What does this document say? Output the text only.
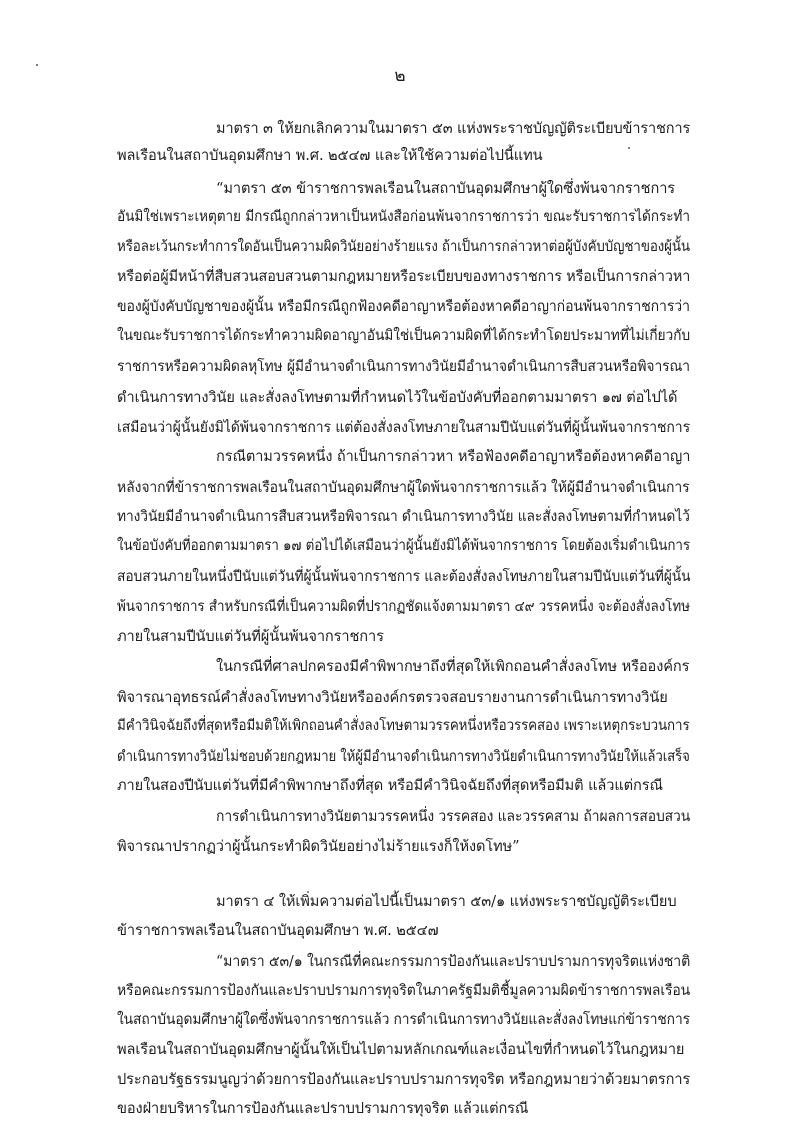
๒
มาตรา ๓ ให้ยกเลิกความในมาตรา ๕๓ แห่งพระราชบัญญัติระเบียบข้าราชการ
พลเรือนในสถาบันอุดมศึกษา พ.ศ. ๒๕๔๗ และให้ใช้ความต่อไปนี้แทน
“มาตรา ๕๓ ข้าราชการพลเรือนในสถาบันอุดมศึกษาผู้ใดซึ่งพ้นจากราชการ
อันมิใช่เพราะเหตุตาย มีกรณีถูกกล่าวหาเป็นหนังสือก่อนพ้นจากราชการว่า ขณะรับราชการได้กระทำ
หรือละเว้นกระทำการใดอันเป็นความผิดวินัยอย่างร้ายแรง ถ้าเป็นการกล่าวหาต่อผู้บังคับบัญชาของผู้นั้น
หรือต่อผู้มีหน้าที่สืบสวนสอบสวนตามกฎหมายหรือระเบียบของทางราชการ หรือเป็นการกล่าวหา
ของผู้บังคับบัญชาของผู้นั้น หรือมีกรณีถูกฟ้องคดีอาญาหรือต้องหาคดีอาญาก่อนพ้นจากราชการว่า
ในขณะรับราชการได้กระทำความผิดอาญาอันมิใช่เป็นความผิดที่ได้กระทำโดยประมาทที่ไม่เกี่ยวกับ
ราชการหรือความผิดลหุโทษ ผู้มีอำนาจดำเนินการทางวินัยมีอำนาจดำเนินการสืบสวนหรือพิจารณา
ดำเนินการทางวินัย และสั่งลงโทษตามที่กำหนดไว้ในข้อบังคับที่ออกตามมาตรา ๑๗ ต่อไปได้
เสมือนว่าผู้นั้นยังมิได้พ้นจากราชการ แต่ต้องสั่งลงโทษภายในสามปีนับแต่วันที่ผู้นั้นพ้นจากราชการ
กรณีตามวรรคหนึ่ง ถ้าเป็นการกล่าวหา หรือฟ้องคดีอาญาหรือต้องหาคดีอาญา
หลังจากที่ข้าราชการพลเรือนในสถาบันอุดมศึกษาผู้ใดพ้นจากราชการแล้ว ให้ผู้มีอำนาจดำเนินการ
ทางวินัยมีอำนาจดำเนินการสืบสวนหรือพิจารณา ดำเนินการทางวินัย และสั่งลงโทษตามที่กำหนดไว้
ในข้อบังคับที่ออกตามมาตรา ๑๗ ต่อไปได้เสมือนว่าผู้นั้นยังมิได้พ้นจากราชการ โดยต้องเริ่มดำเนินการ
สอบสวนภายในหนึ่งปีนับแต่วันที่ผู้นั้นพ้นจากราชการ และต้องสั่งลงโทษภายในสามปีนับแต่วันที่ผู้นั้น
พ้นจากราชการ สำหรับกรณีที่เป็นความผิดที่ปรากฏชัดแจ้งตามมาตรา ๔๙ วรรคหนึ่ง จะต้องสั่งลงโทษ
ภายในสามปีนับแต่วันที่ผู้นั้นพ้นจากราชการ
ในกรณีที่ศาลปกครองมีคำพิพากษาถึงที่สุดให้เพิกถอนคำสั่งลงโทษ หรือองค์กร
พิจารณาอุทธรณ์คำสั่งลงโทษทางวินัยหรือองค์กรตรวจสอบรายงานการดำเนินการทางวินัย
มีคำวินิจฉัยถึงที่สุดหรือมีมติให้เพิกถอนคำสั่งลงโทษตามวรรคหนึ่งหรือวรรคสอง เพราะเหตุกระบวนการ
ดำเนินการทางวินัยไม่ชอบด้วยกฎหมาย ให้ผู้มีอำนาจดำเนินการทางวินัยดำเนินการทางวินัยให้แล้วเสร็จ
ภายในสองปีนับแต่วันที่มีคำพิพากษาถึงที่สุด หรือมีคำวินิจฉัยถึงที่สุดหรือมีมติ แล้วแต่กรณี
การดำเนินการทางวินัยตามวรรคหนึ่ง วรรคสอง และวรรคสาม ถ้าผลการสอบสวน
พิจารณาปรากฏว่าผู้นั้นกระทำผิดวินัยอย่างไม่ร้ายแรงก็ให้งดโทษ”
มาตรา ๔ ให้เพิ่มความต่อไปนี้เป็นมาตรา ๕๓/๑ แห่งพระราชบัญญัติระเบียบ
ข้าราชการพลเรือนในสถาบันอุดมศึกษา พ.ศ. ๒๕๔๗
“มาตรา ๕๓/๑ ในกรณีที่คณะกรรมการป้องกันและปราบปรามการทุจริตแห่งชาติ
หรือคณะกรรมการป้องกันและปราบปรามการทุจริตในภาครัฐมีมติชี้มูลความผิดข้าราชการพลเรือน
ในสถาบันอุดมศึกษาผู้ใดซึ่งพ้นจากราชการแล้ว การดำเนินการทางวินัยและสั่งลงโทษแก่ข้าราชการ
พลเรือนในสถาบันอุดมศึกษาผู้นั้นให้เป็นไปตามหลักเกณฑ์และเงื่อนไขที่กำหนดไว้ในกฎหมาย
ประกอบรัฐธรรมนูญว่าด้วยการป้องกันและปราบปรามการทุจริต หรือกฎหมายว่าด้วยมาตรการ
ของฝ่ายบริหารในการป้องกันและปราบปรามการทุจริต แล้วแต่กรณี
